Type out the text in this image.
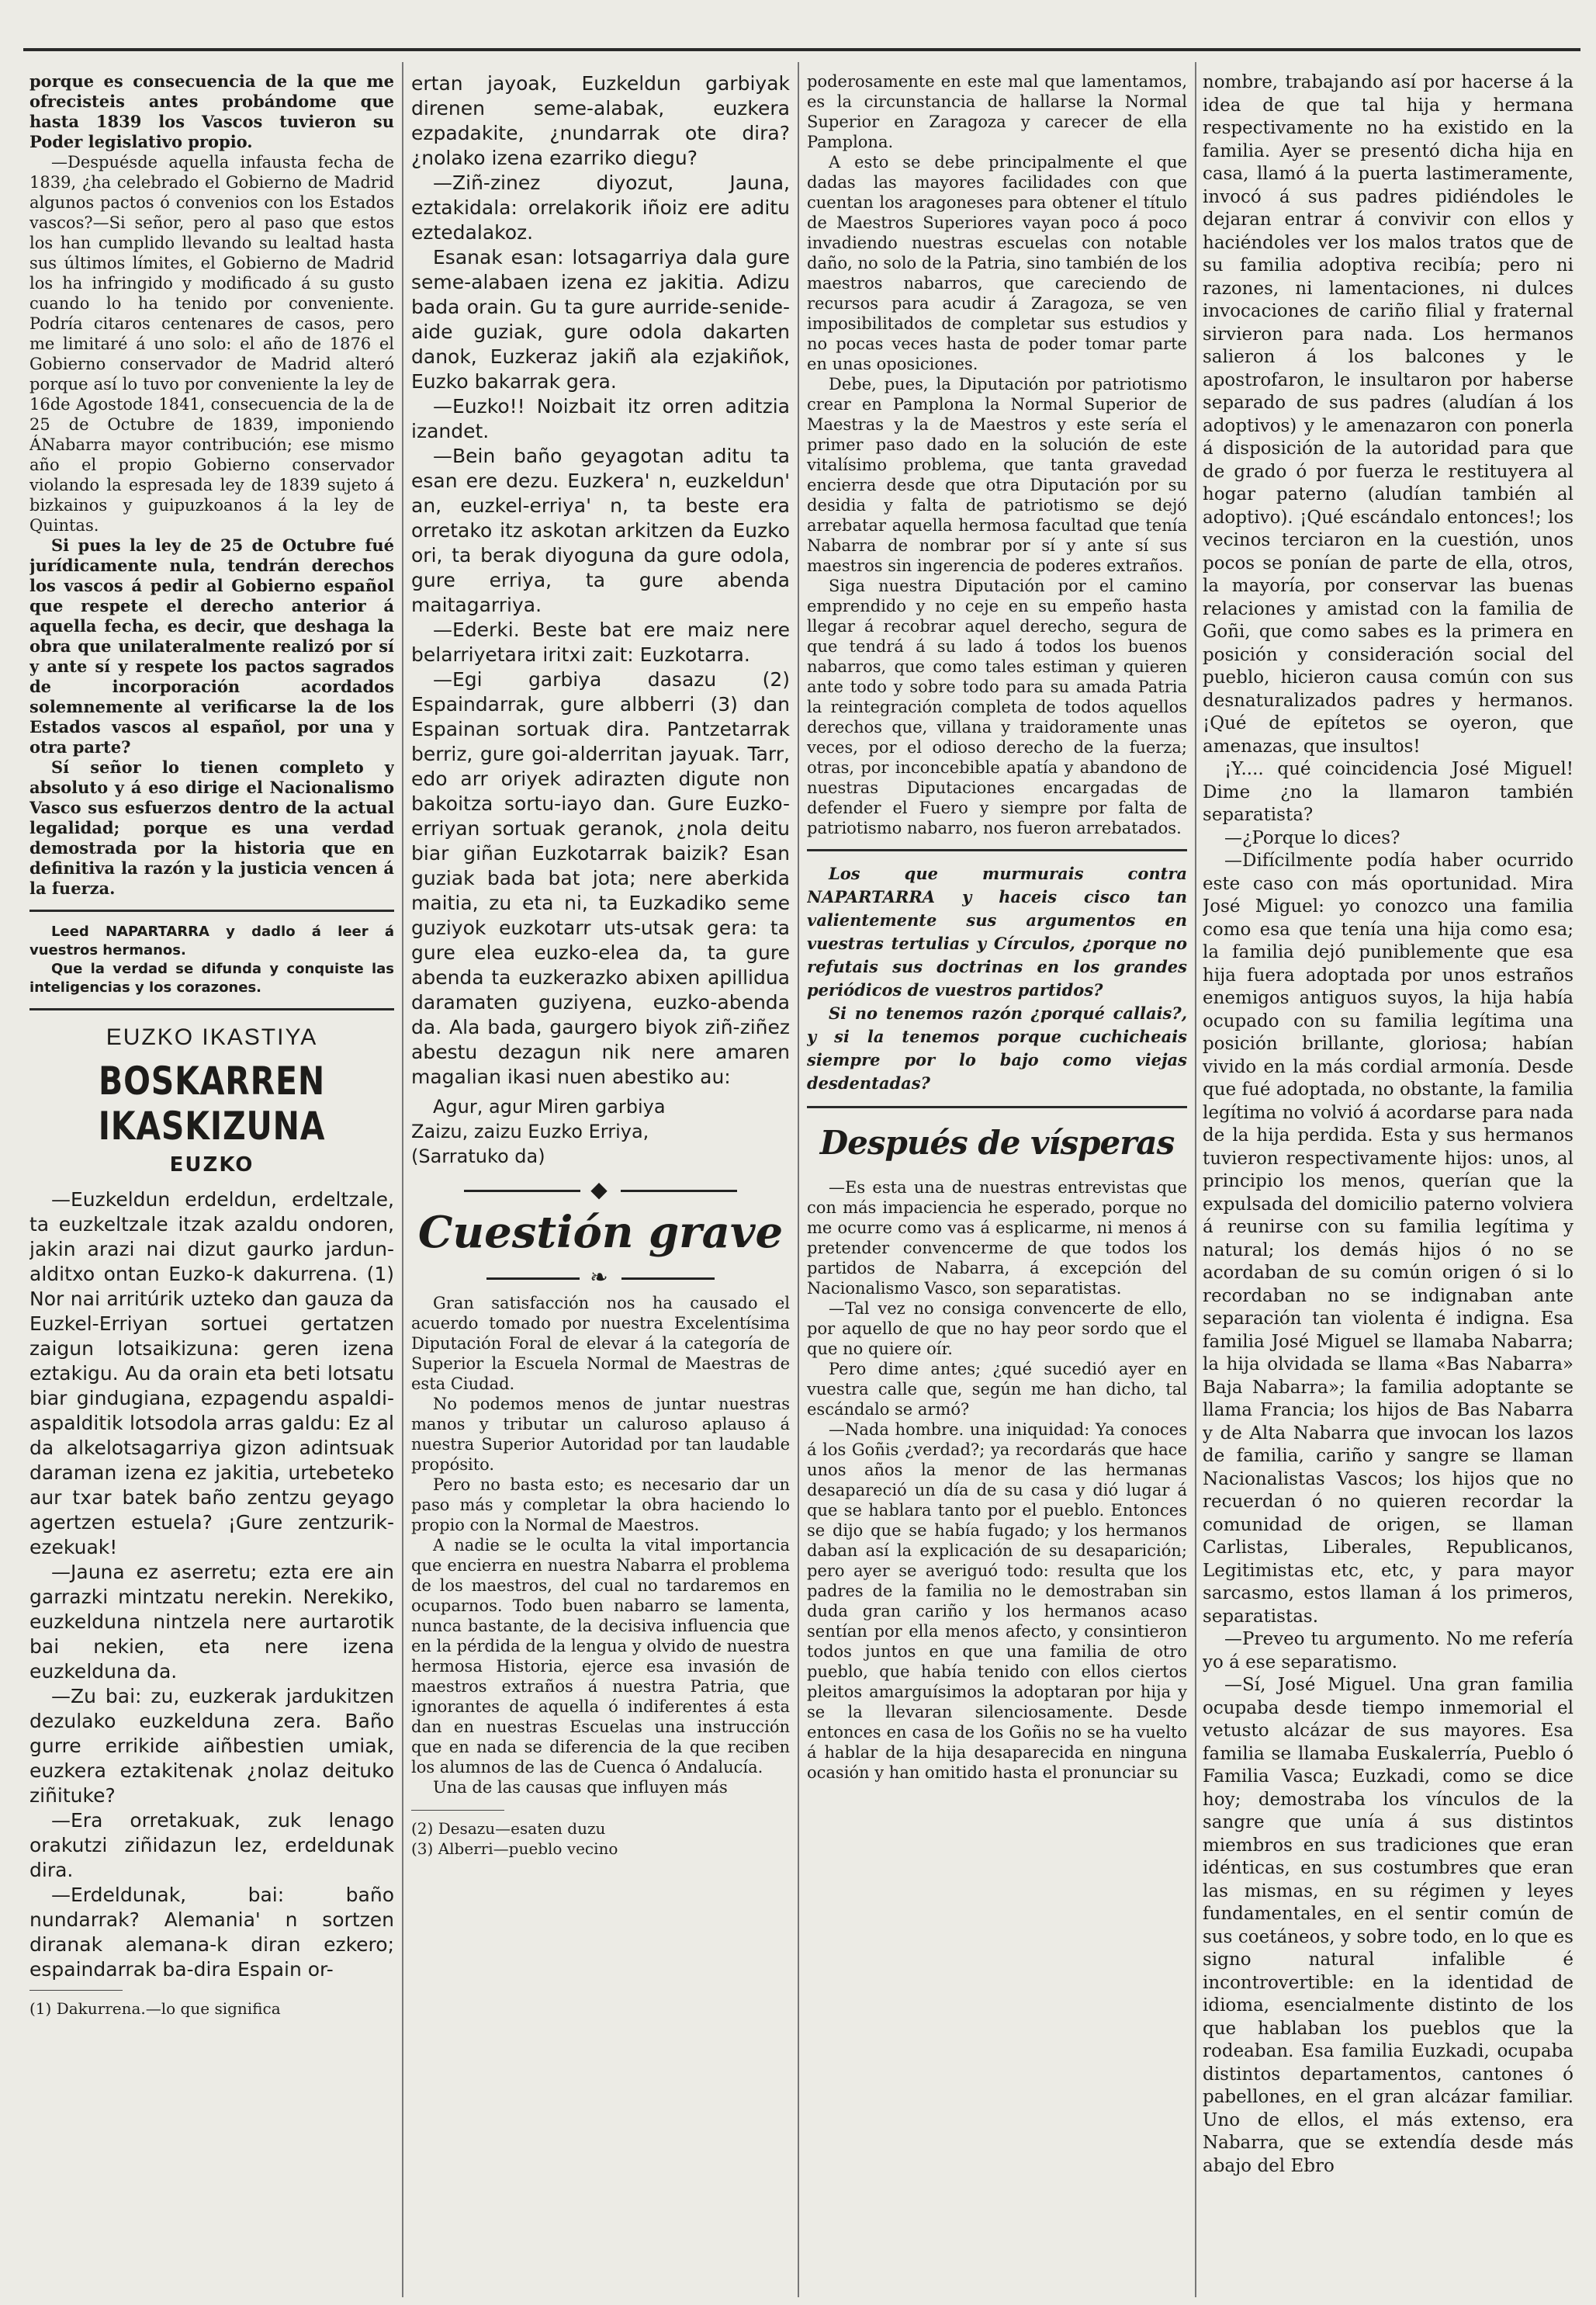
porque es consecuencia de la que me ofrecisteis antes probándome que hasta 1839 los Vascos tuvieron su Poder legislativo propio.

—Despuésde aquella infausta fecha de 1839, ¿ha celebrado el Gobierno de Madrid algunos pactos ó convenios con los Estados vascos?—Si señor, pero al paso que estos los han cumplido llevando su lealtad hasta sus últimos límites, el Gobierno de Madrid los ha infringido y modificado á su gusto cuando lo ha tenido por conveniente. Podría citaros centenares de casos, pero me limitaré á uno solo: el año de 1876 el Gobierno conservador de Madrid alteró porque así lo tuvo por conveniente la ley de 16de Agostode 1841, consecuencia de la de 25 de Octubre de 1839, imponiendo ÁNabarra mayor contribución; ese mismo año el propio Gobierno conservador violando la espresada ley de 1839 sujeto á bizkainos y guipuzkoanos á la ley de Quintas.

Si pues la ley de 25 de Octubre fué jurídicamente nula, tendrán derechos los vascos á pedir al Gobierno español que respete el derecho anterior á aquella fecha, es decir, que deshaga la obra que unilateralmente realizó por sí y ante sí y respete los pactos sagrados de incorporación acordados solemnemente al verificarse la de los Estados vascos al español, por una y otra parte?

Sí señor lo tienen completo y absoluto y á eso dirige el Nacionalismo Vasco sus esfuerzos dentro de la actual legalidad; porque es una verdad demostrada por la historia que en definitiva la razón y la justicia vencen á la fuerza.

Leed NAPARTARRA y dadlo á leer á vuestros hermanos.

Que la verdad se difunda y conquiste las inteligencias y los corazones.

EUZKO IKASTIYA
BOSKARREN IKASKIZUNA
EUZKO

—Euzkeldun erdeldun, erdeltzale, ta euzkeltzale itzak azaldu ondoren, jakin arazi nai dizut gaurko jardun-alditxo ontan Euzko-k dakurrena. (1) Nor nai arritúrik uzteko dan gauza da Euzkel-Erriyan sortuei gertatzen zaigun lotsaikizuna: geren izena eztakigu. Au da orain eta beti lotsatu biar gindugiana, ezpagendu aspaldi-aspalditik lotsodola arras galdu: Ez al da alkelotsagarriya gizon adintsuak daraman izena ez jakitia, urtebeteko aur txar batek baño zentzu geyago agertzen estuela? ¡Gure zentzurik-ezekuak!

—Jauna ez aserretu; ezta ere ain garrazki mintzatu nerekin. Nerekiko, euzkelduna nintzela nere aurtarotik bai nekien, eta nere izena euzkelduna da.

—Zu bai: zu, euzkerak jardukitzen dezulako euzkelduna zera. Baño gurre errikide aiñbestien umiak, euzkera eztakitenak ¿nolaz deituko ziñituke?

—Era orretakuak, zuk lenago orakutzi ziñidazun lez, erdeldunak dira.

—Erdeldunak, bai: baño nundarrak? Alemania' n sortzen diranak alemana-k diran ezkero; espaindarrak ba-dira Espain or-

(1) Dakurrena.—lo que significa

ertan jayoak, Euzkeldun garbiyak direnen seme-alabak, euzkera ezpadakite, ¿nundarrak ote dira? ¿nolako izena ezarriko diegu?

—Ziñ-zinez diyozut, Jauna, eztakidala: orrelakorik iñoiz ere aditu eztedalakoz.

Esanak esan: lotsagarriya dala gure seme-alabaen izena ez jakitia. Adizu bada orain. Gu ta gure aurride-senide-aide guziak, gure odola dakarten danok, Euzkeraz jakiñ ala ezjakiñok, Euzko bakarrak gera.

—Euzko!! Noizbait itz orren aditzia izandet.

—Bein baño geyagotan aditu ta esan ere dezu. Euzkera' n, euzkeldun' an, euzkel-erriya' n, ta beste era orretako itz askotan arkitzen da Euzko ori, ta berak diyoguna da gure odola, gure erriya, ta gure abenda maitagarriya.

—Ederki. Beste bat ere maiz nere belarriyetara iritxi zait: Euzkotarra.

—Egi garbiya dasazu (2) Espaindarrak, gure albberri (3) dan Espainan sortuak dira. Pantzetarrak berriz, gure goi-alderritan jayuak. Tarr, edo arr oriyek adirazten digute non bakoitza sortu-iayo dan. Gure Euzko-erriyan sortuak geranok, ¿nola deitu biar giñan Euzkotarrak baizik? Esan guziak bada bat jota; nere aberkida maitia, zu eta ni, ta Euzkadiko seme guziyok euzkotarr uts-utsak gera: ta gure elea euzko-elea da, ta gure abenda ta euzkerazko abixen apillidua daramaten guziyena, euzko-abenda da. Ala bada, gaurgero biyok ziñ-ziñez abestu dezagun nik nere amaren magalian ikasi nuen abestiko au:

Agur, agur Miren garbiya
Zaizu, zaizu Euzko Erriya,
(Sarratuko da)

◆
Cuestión grave
❧

Gran satisfacción nos ha causado el acuerdo tomado por nuestra Excelentísima Diputación Foral de elevar á la categoría de Superior la Escuela Normal de Maestras de esta Ciudad.

No podemos menos de juntar nuestras manos y tributar un caluroso aplauso á nuestra Superior Autoridad por tan laudable propósito.

Pero no basta esto; es necesario dar un paso más y completar la obra haciendo lo propio con la Normal de Maestros.

A nadie se le oculta la vital importancia que encierra en nuestra Nabarra el problema de los maestros, del cual no tardaremos en ocuparnos. Todo buen nabarro se lamenta, nunca bastante, de la decisiva influencia que en la pérdida de la lengua y olvido de nuestra hermosa Historia, ejerce esa invasión de maestros extraños á nuestra Patria, que ignorantes de aquella ó indiferentes á esta dan en nuestras Escuelas una instrucción que en nada se diferencia de la que reciben los alumnos de las de Cuenca ó Andalucía.

Una de las causas que influyen más

(2) Desazu—esaten duzu

(3) Alberri—pueblo vecino

poderosamente en este mal que lamentamos, es la circunstancia de hallarse la Normal Superior en Zaragoza y carecer de ella Pamplona.

A esto se debe principalmente el que dadas las mayores facilidades con que cuentan los aragoneses para obtener el título de Maestros Superiores vayan poco á poco invadiendo nuestras escuelas con notable daño, no solo de la Patria, sino también de los maestros nabarros, que careciendo de recursos para acudir á Zaragoza, se ven imposibilitados de completar sus estudios y no pocas veces hasta de poder tomar parte en unas oposiciones.

Debe, pues, la Diputación por patriotismo crear en Pamplona la Normal Superior de Maestras y la de Maestros y este sería el primer paso dado en la solución de este vitalísimo problema, que tanta gravedad encierra desde que otra Diputación por su desidia y falta de patriotismo se dejó arrebatar aquella hermosa facultad que tenía Nabarra de nombrar por sí y ante sí sus maestros sin ingerencia de poderes extraños.

Siga nuestra Diputación por el camino emprendido y no ceje en su empeño hasta llegar á recobrar aquel derecho, segura de que tendrá á su lado á todos los buenos nabarros, que como tales estiman y quieren ante todo y sobre todo para su amada Patria la reintegración completa de todos aquellos derechos que, villana y traidoramente unas veces, por el odioso derecho de la fuerza; otras, por inconcebible apatía y abandono de nuestras Diputaciones encargadas de defender el Fuero y siempre por falta de patriotismo nabarro, nos fueron arrebatados.

Los que murmurais contra NAPARTARRA y haceis cisco tan valientemente sus argumentos en vuestras tertulias y Círculos, ¿porque no refutais sus doctrinas en los grandes periódicos de vuestros partidos?

Si no tenemos razón ¿porqué callais?, y si la tenemos porque cuchicheais siempre por lo bajo como viejas desdentadas?

Después de vísperas

—Es esta una de nuestras entrevistas que con más impaciencia he esperado, porque no me ocurre como vas á esplicarme, ni menos á pretender convencerme de que todos los partidos de Nabarra, á excepción del Nacionalismo Vasco, son separatistas.

—Tal vez no consiga convencerte de ello, por aquello de que no hay peor sordo que el que no quiere oír.

Pero dime antes; ¿qué sucedió ayer en vuestra calle que, según me han dicho, tal escándalo se armó?

—Nada hombre. una iniquidad: Ya conoces á los Goñis ¿verdad?; ya recordarás que hace unos años la menor de las hermanas desapareció un día de su casa y dió lugar á que se hablara tanto por el pueblo. Entonces se dijo que se había fugado; y los hermanos daban así la explicación de su desaparición; pero ayer se averiguó todo: resulta que los padres de la familia no le demostraban sin duda gran cariño y los hermanos acaso sentían por ella menos afecto, y consintieron todos juntos en que una familia de otro pueblo, que había tenido con ellos ciertos pleitos amarguísimos la adoptaran por hija y se la llevaran silenciosamente. Desde entonces en casa de los Goñis no se ha vuelto á hablar de la hija desaparecida en ninguna ocasión y han omitido hasta el pronunciar su

nombre, trabajando así por hacerse á la idea de que tal hija y hermana respectivamente no ha existido en la familia. Ayer se presentó dicha hija en casa, llamó á la puerta lastimeramente, invocó á sus padres pidiéndoles le dejaran entrar á convivir con ellos y haciéndoles ver los malos tratos que de su familia adoptiva recibía; pero ni razones, ni lamentaciones, ni dulces invocaciones de cariño filial y fraternal sirvieron para nada. Los hermanos salieron á los balcones y le apostrofaron, le insultaron por haberse separado de sus padres (aludían á los adoptivos) y le amenazaron con ponerla á disposición de la autoridad para que de grado ó por fuerza le restituyera al hogar paterno (aludían también al adoptivo). ¡Qué escándalo entonces!; los vecinos terciaron en la cuestión, unos pocos se ponían de parte de ella, otros, la mayoría, por conservar las buenas relaciones y amistad con la familia de Goñi, que como sabes es la primera en posición y consideración social del pueblo, hicieron causa común con sus desnaturalizados padres y hermanos. ¡Qué de epítetos se oyeron, que amenazas, que insultos!

¡Y.... qué coincidencia José Miguel! Dime ¿no la llamaron también separatista?

—¿Porque lo dices?

—Difícilmente podía haber ocurrido este caso con más oportunidad. Mira José Miguel: yo conozco una familia como esa que tenía una hija como esa; la familia dejó puniblemente que esa hija fuera adoptada por unos estraños enemigos antiguos suyos, la hija había ocupado con su familia legítima una posición brillante, gloriosa; habían vivido en la más cordial armonía. Desde que fué adoptada, no obstante, la familia legítima no volvió á acordarse para nada de la hija perdida. Esta y sus hermanos tuvieron respectivamente hijos: unos, al principio los menos, querían que la expulsada del domicilio paterno volviera á reunirse con su familia legítima y natural; los demás hijos ó no se acordaban de su común origen ó si lo recordaban no se indignaban ante separación tan violenta é indigna. Esa familia José Miguel se llamaba Nabarra; la hija olvidada se llama «Bas Nabarra» Baja Nabarra»; la familia adoptante se llama Francia; los hijos de Bas Nabarra y de Alta Nabarra que invocan los lazos de familia, cariño y sangre se llaman Nacionalistas Vascos; los hijos que no recuerdan ó no quieren recordar la comunidad de origen, se llaman Carlistas, Liberales, Republicanos, Legitimistas etc, etc, y para mayor sarcasmo, estos llaman á los primeros, separatistas.

—Preveo tu argumento. No me refería yo á ese separatismo.

—Sí, José Miguel. Una gran familia ocupaba desde tiempo inmemorial el vetusto alcázar de sus mayores. Esa familia se llamaba Euskalerría, Pueblo ó Familia Vasca; Euzkadi, como se dice hoy; demostraba los vínculos de la sangre que unía á sus distintos miembros en sus tradiciones que eran idénticas, en sus costumbres que eran las mismas, en su régimen y leyes fundamentales, en el sentir común de sus coetáneos, y sobre todo, en lo que es signo natural infalible é incontrovertible: en la identidad de idioma, esencialmente distinto de los que hablaban los pueblos que la rodeaban. Esa familia Euzkadi, ocupaba distintos departamentos, cantones ó pabellones, en el gran alcázar familiar. Uno de ellos, el más extenso, era Nabarra, que se extendía desde más abajo del Ebro
